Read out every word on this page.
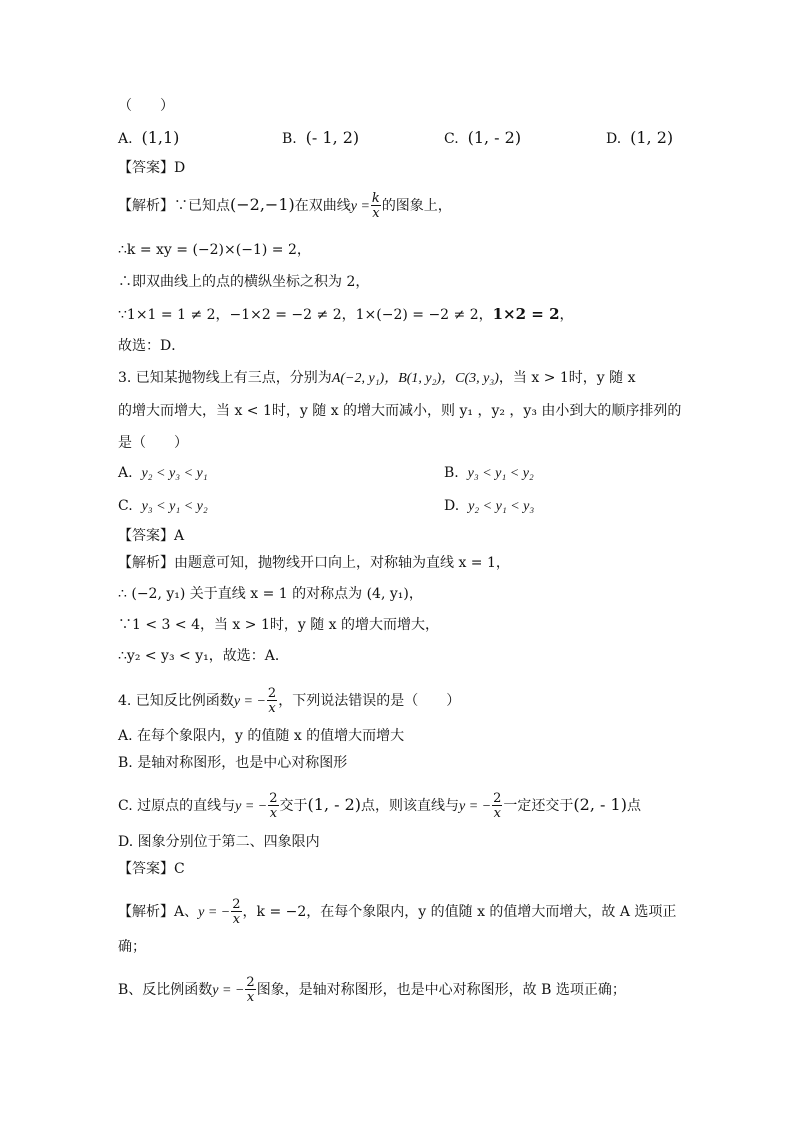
（　　）
A. (1,1)	B. (- 1, 2)	C. (1, - 2)	D. (1, 2)
【答案】D
【解析】∵已知点(−2,−1)在双曲线$y = \frac{k}{x}$ 的图象上，
∴k = xy = (−2)×(−1) = 2，
∴即双曲线上的点的横纵坐标之积为 2，
∵1×1 = 1 ≠ 2，−1×2 = −2 ≠ 2，1×(−2) = −2 ≠ 2，1×2 = 2，
故选：D．
3. 已知某抛物线上有三点，分别为A(−2, y₁)，B(1, y₂)，C(3, y₃)，当 x > 1时，y 随 x
的增大而增大，当 x < 1时，y 随 x 的增大而减小，则 y₁ ，y₂ ，y₃ 由小到大的顺序排列的
是（　　）
A. y₂ < y₃ < y₁	B. y₃ < y₁ < y₂
C. y₃ < y₁ < y₂	D. y₂ < y₁ < y₃
【答案】A
【解析】由题意可知，抛物线开口向上，对称轴为直线 x = 1，
∴ (−2, y₁) 关于直线 x = 1 的对称点为 (4, y₁)，
∵1 < 3 < 4，当 x > 1时，y 随 x 的增大而增大，
∴y₂ < y₃ < y₁，故选：A．
4. 已知反比例函数y = − $\frac{2}{x}$ ，下列说法错误的是（　　）
A. 在每个象限内，y 的值随 x 的值增大而增大
B. 是轴对称图形，也是中心对称图形
C. 过原点的直线与y = − $\frac{2}{x}$ 交于(1, - 2)点，则该直线与y = − $\frac{2}{x}$ 一定还交于(2, - 1)点
D. 图象分别位于第二、四象限内
【答案】C
【解析】A、y = − $\frac{2}{x}$ ，k = −2，在每个象限内，y 的值随 x 的值增大而增大，故 A 选项正
确；
B、反比例函数y = − $\frac{2}{x}$ 图象，是轴对称图形，也是中心对称图形，故 B 选项正确；
